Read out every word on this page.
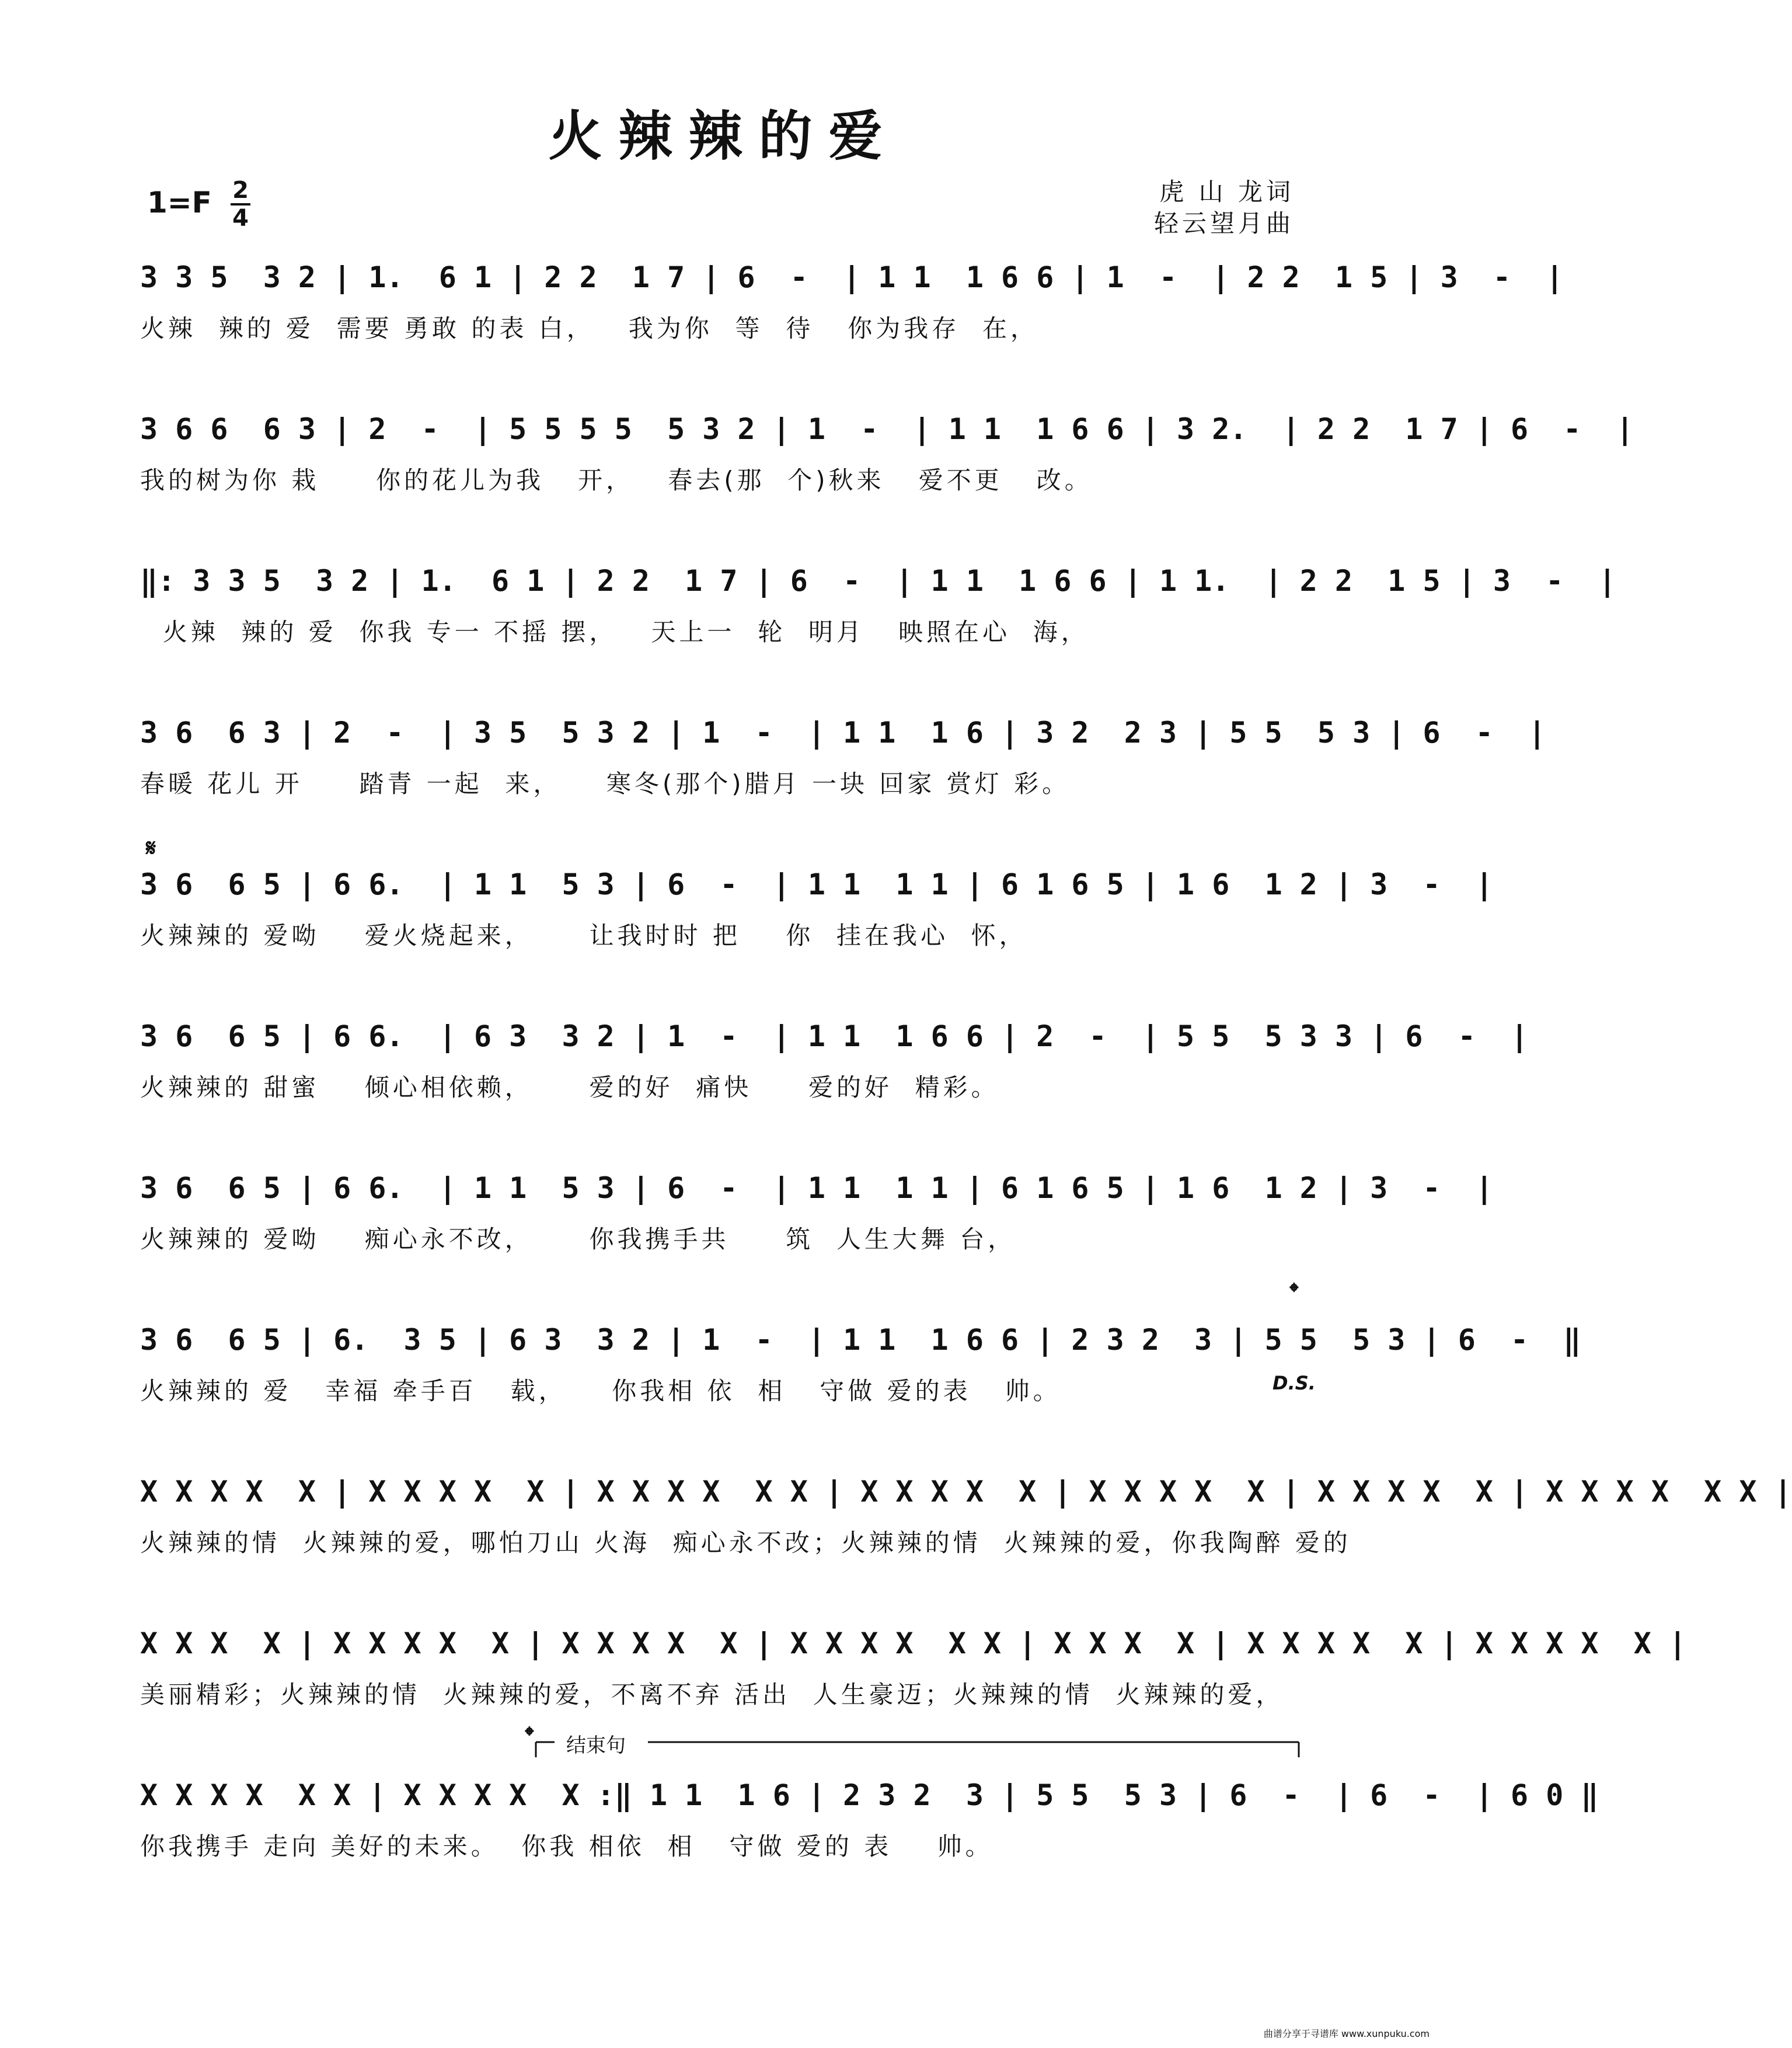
火辣辣的爱
1=F 2
4
虎 山 龙词
轻云望月曲
3 3 5  3 2 | 1.  6 1 | 2 2  1 7 | 6  -  | 1 1  1 6 6 | 1  -  | 2 2  1 5 | 3  -  |
火辣  辣的 爱  需要 勇敢 的表 白，   我为你  等  待   你为我存  在，
3 6 6  6 3 | 2  -  | 5 5 5 5  5 3 2 | 1  -  | 1 1  1 6 6 | 3 2.  | 2 2  1 7 | 6  -  |
我的树为你 栽     你的花儿为我   开，   春去(那  个)秋来   爱不更   改。
‖: 3 3 5  3 2 | 1.  6 1 | 2 2  1 7 | 6  -  | 1 1  1 6 6 | 1 1.  | 2 2  1 5 | 3  -  |
火辣  辣的 爱  你我 专一 不摇 摆，   天上一  轮  明月   映照在心  海，
3 6  6 3 | 2  -  | 3 5  5 3 2 | 1  -  | 1 1  1 6 | 3 2  2 3 | 5 5  5 3 | 6  -  |
春暖 花儿 开     踏青 一起  来，    寒冬(那个)腊月 一块 回家 赏灯 彩。
𝄋
3 6  6 5 | 6 6.  | 1 1  5 3 | 6  -  | 1 1  1 1 | 6 1 6 5 | 1 6  1 2 | 3  -  |
火辣辣的 爱呦    爱火烧起来，     让我时时 把    你  挂在我心  怀，
3 6  6 5 | 6 6.  | 6 3  3 2 | 1  -  | 1 1  1 6 6 | 2  -  | 5 5  5 3 3 | 6  -  |
火辣辣的 甜蜜    倾心相依赖，     爱的好  痛快     爱的好  精彩。
3 6  6 5 | 6 6.  | 1 1  5 3 | 6  -  | 1 1  1 1 | 6 1 6 5 | 1 6  1 2 | 3  -  |
火辣辣的 爱呦    痴心永不改，     你我携手共     筑  人生大舞 台，
𝄌
3 6  6 5 | 6.  3 5 | 6 3  3 2 | 1  -  | 1 1  1 6 6 | 2 3 2  3 | 5 5  5 3 | 6  -  ‖
火辣辣的 爱   幸福 牵手百   载，    你我相 依  相   守做 爱的表   帅。	D.S.
X X X X  X | X X X X  X | X X X X  X X | X X X X  X | X X X X  X | X X X X  X | X X X X  X X |
火辣辣的情  火辣辣的爱，哪怕刀山 火海  痴心永不改；火辣辣的情  火辣辣的爱，你我陶醉 爱的
X X X  X | X X X X  X | X X X X  X | X X X X  X X | X X X  X | X X X X  X | X X X X  X |
美丽精彩；火辣辣的情  火辣辣的爱，不离不弃 活出  人生豪迈；火辣辣的情  火辣辣的爱，
𝄌 结束句
X X X X  X X | X X X X  X :‖ 1 1  1 6 | 2 3 2  3 | 5 5  5 3 | 6  -  | 6  -  | 6 0 ‖
你我携手 走向 美好的未来。  你我 相依  相   守做 爱的 表    帅。
曲谱分享于寻谱库 www.xunpuku.com
